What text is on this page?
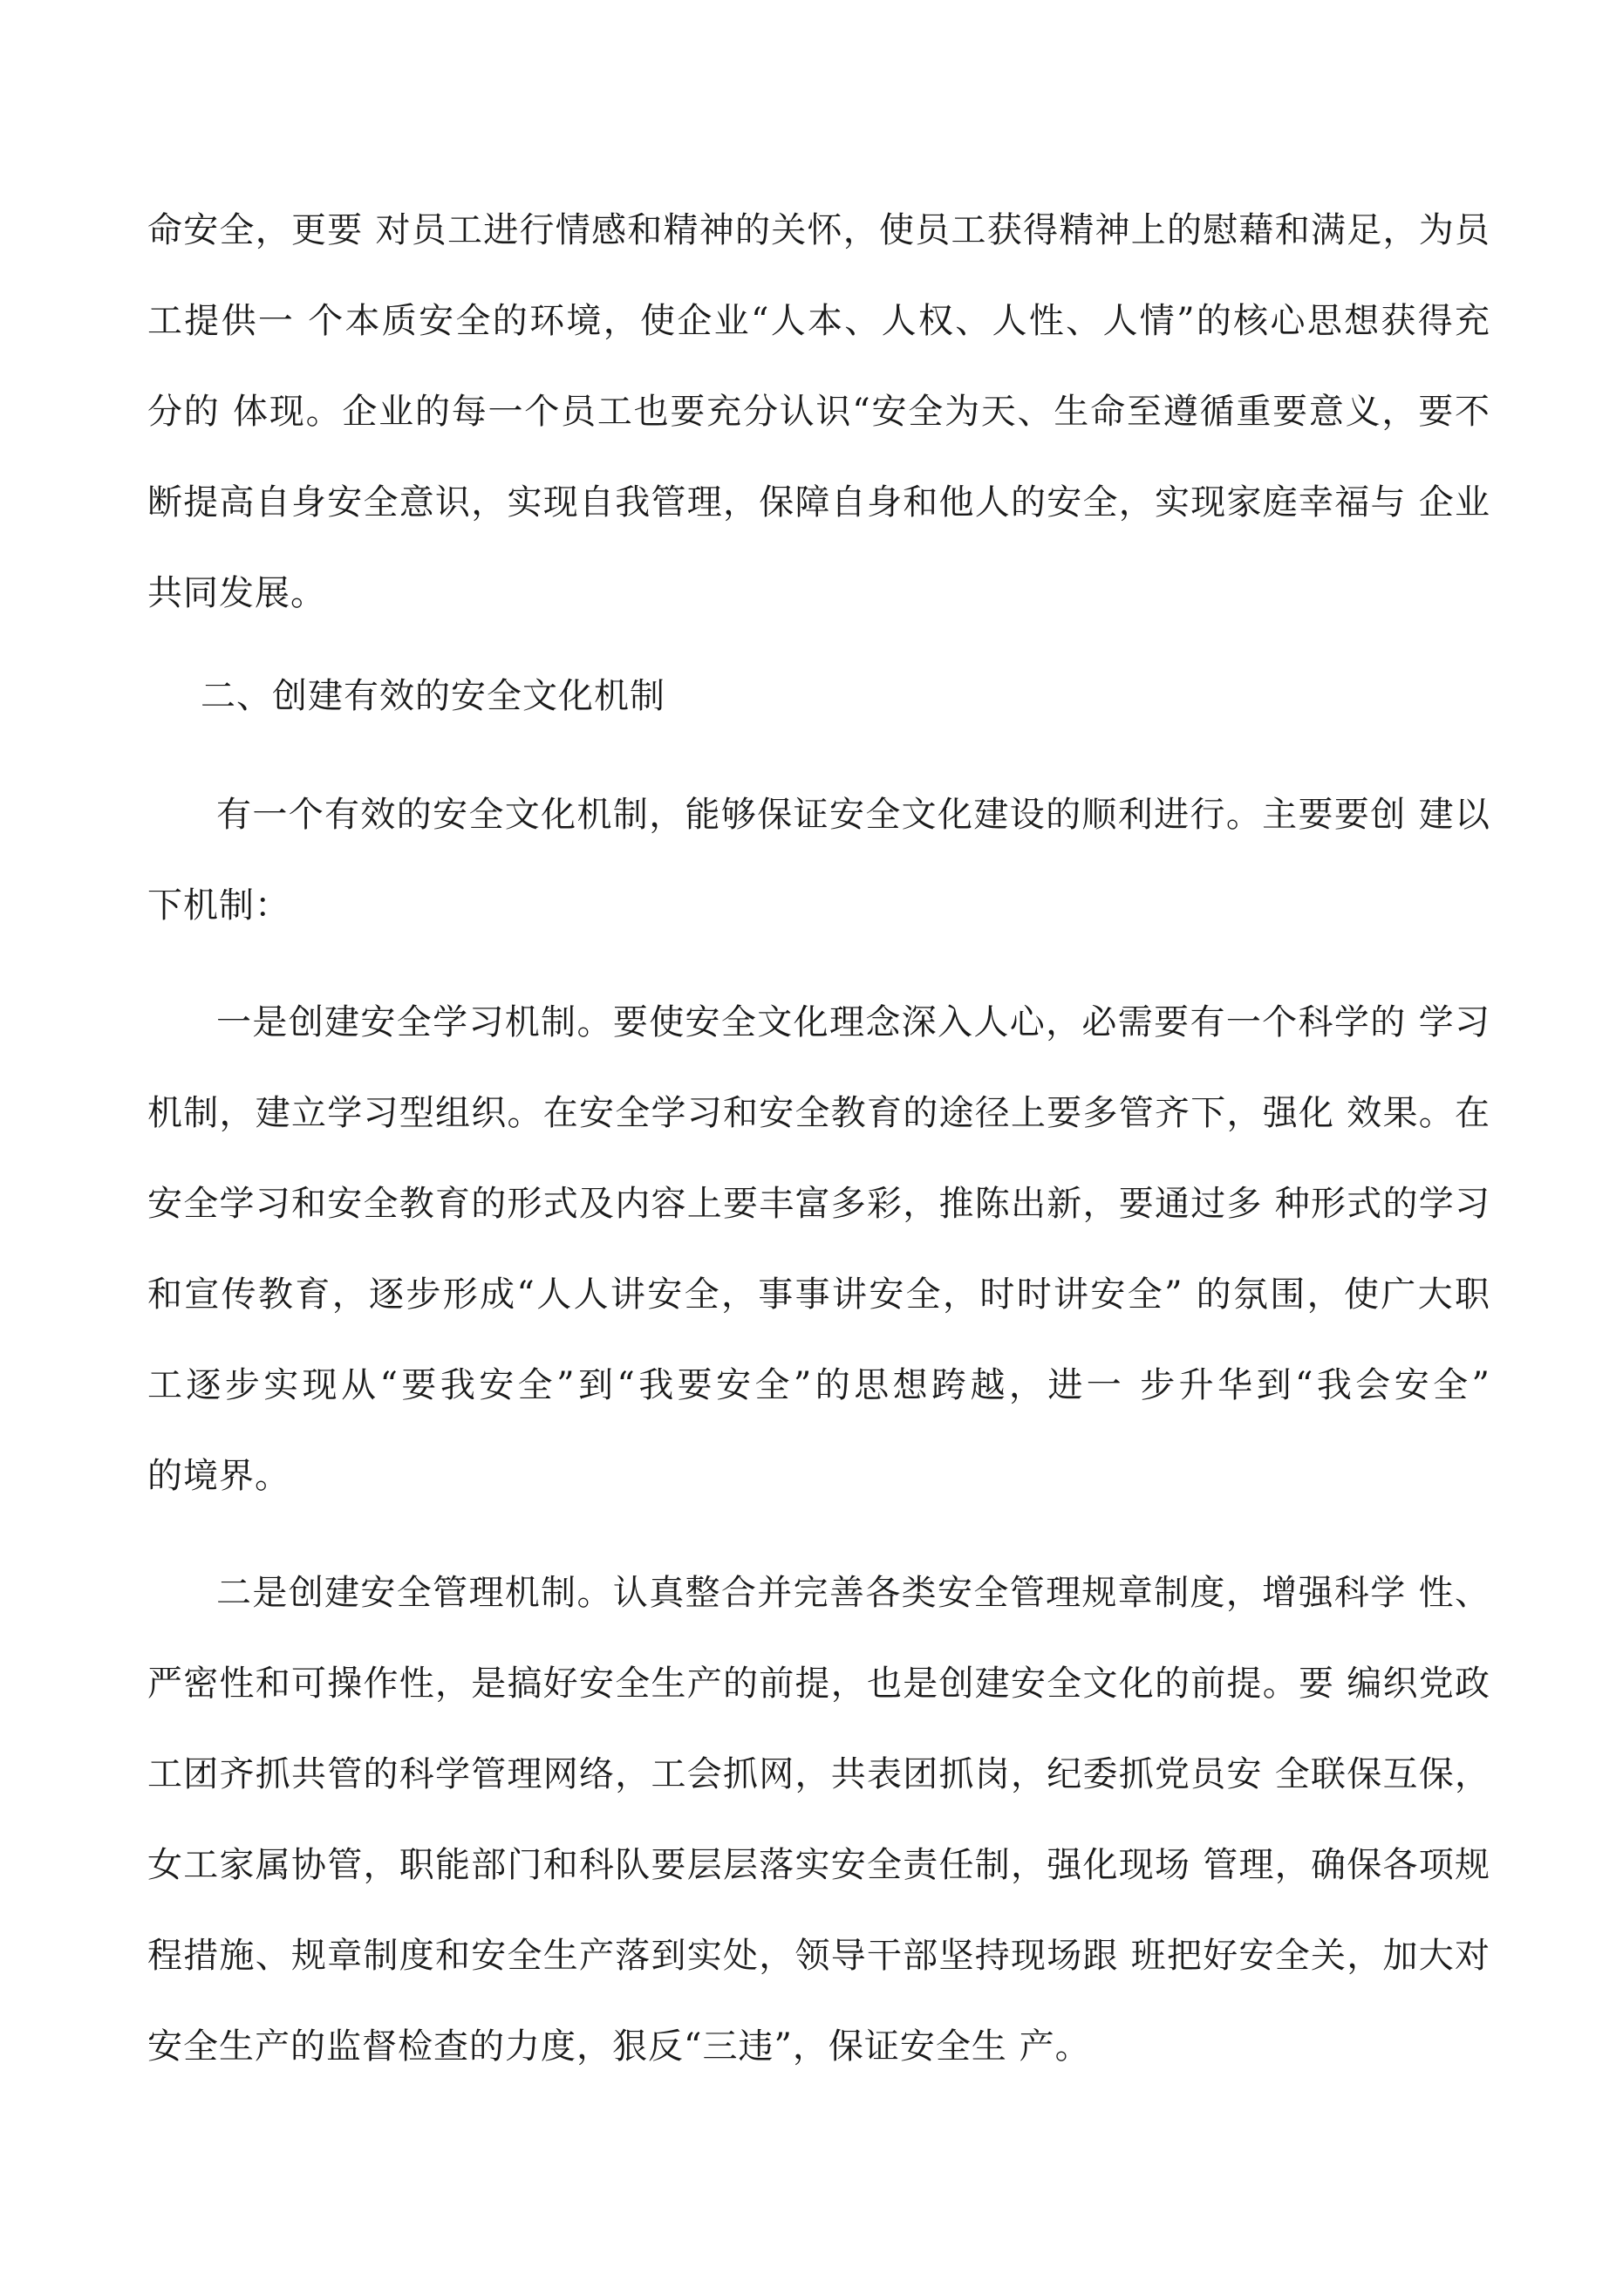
命安全，更要 对员工进行情感和精神的关怀，使员工获得精神上的慰藉和满足，为员
工提供一 个本质安全的环境，使企业“人本、人权、人性、人情”的核心思想获得充
分的 体现。企业的每一个员工也要充分认识“安全为天、生命至遵循重要意义，要不
断提高自身安全意识，实现自我管理，保障自身和他人的安全，实现家庭幸福与 企业
共同发展。
二、创建有效的安全文化机制
有一个有效的安全文化机制，能够保证安全文化建设的顺利进行。主要要创 建以
下机制：
一是创建安全学习机制。要使安全文化理念深入人心，必需要有一个科学的 学习
机制，建立学习型组织。在安全学习和安全教育的途径上要多管齐下，强化 效果。在
安全学习和安全教育的形式及内容上要丰富多彩，推陈出新，要通过多 种形式的学习
和宣传教育，逐步形成“人人讲安全，事事讲安全，时时讲安全” 的氛围，使广大职
工逐步实现从“要我安全”到“我要安全”的思想跨越，进一 步升华到“我会安全”
的境界。
二是创建安全管理机制。认真整合并完善各类安全管理规章制度，增强科学 性、
严密性和可操作性，是搞好安全生产的前提，也是创建安全文化的前提。要 编织党政
工团齐抓共管的科学管理网络，工会抓网，共表团抓岗，纪委抓党员安 全联保互保，
女工家属协管，职能部门和科队要层层落实安全责任制，强化现场 管理，确保各项规
程措施、规章制度和安全生产落到实处，领导干部坚持现场跟 班把好安全关，加大对
安全生产的监督检查的力度，狠反“三违”，保证安全生 产。
